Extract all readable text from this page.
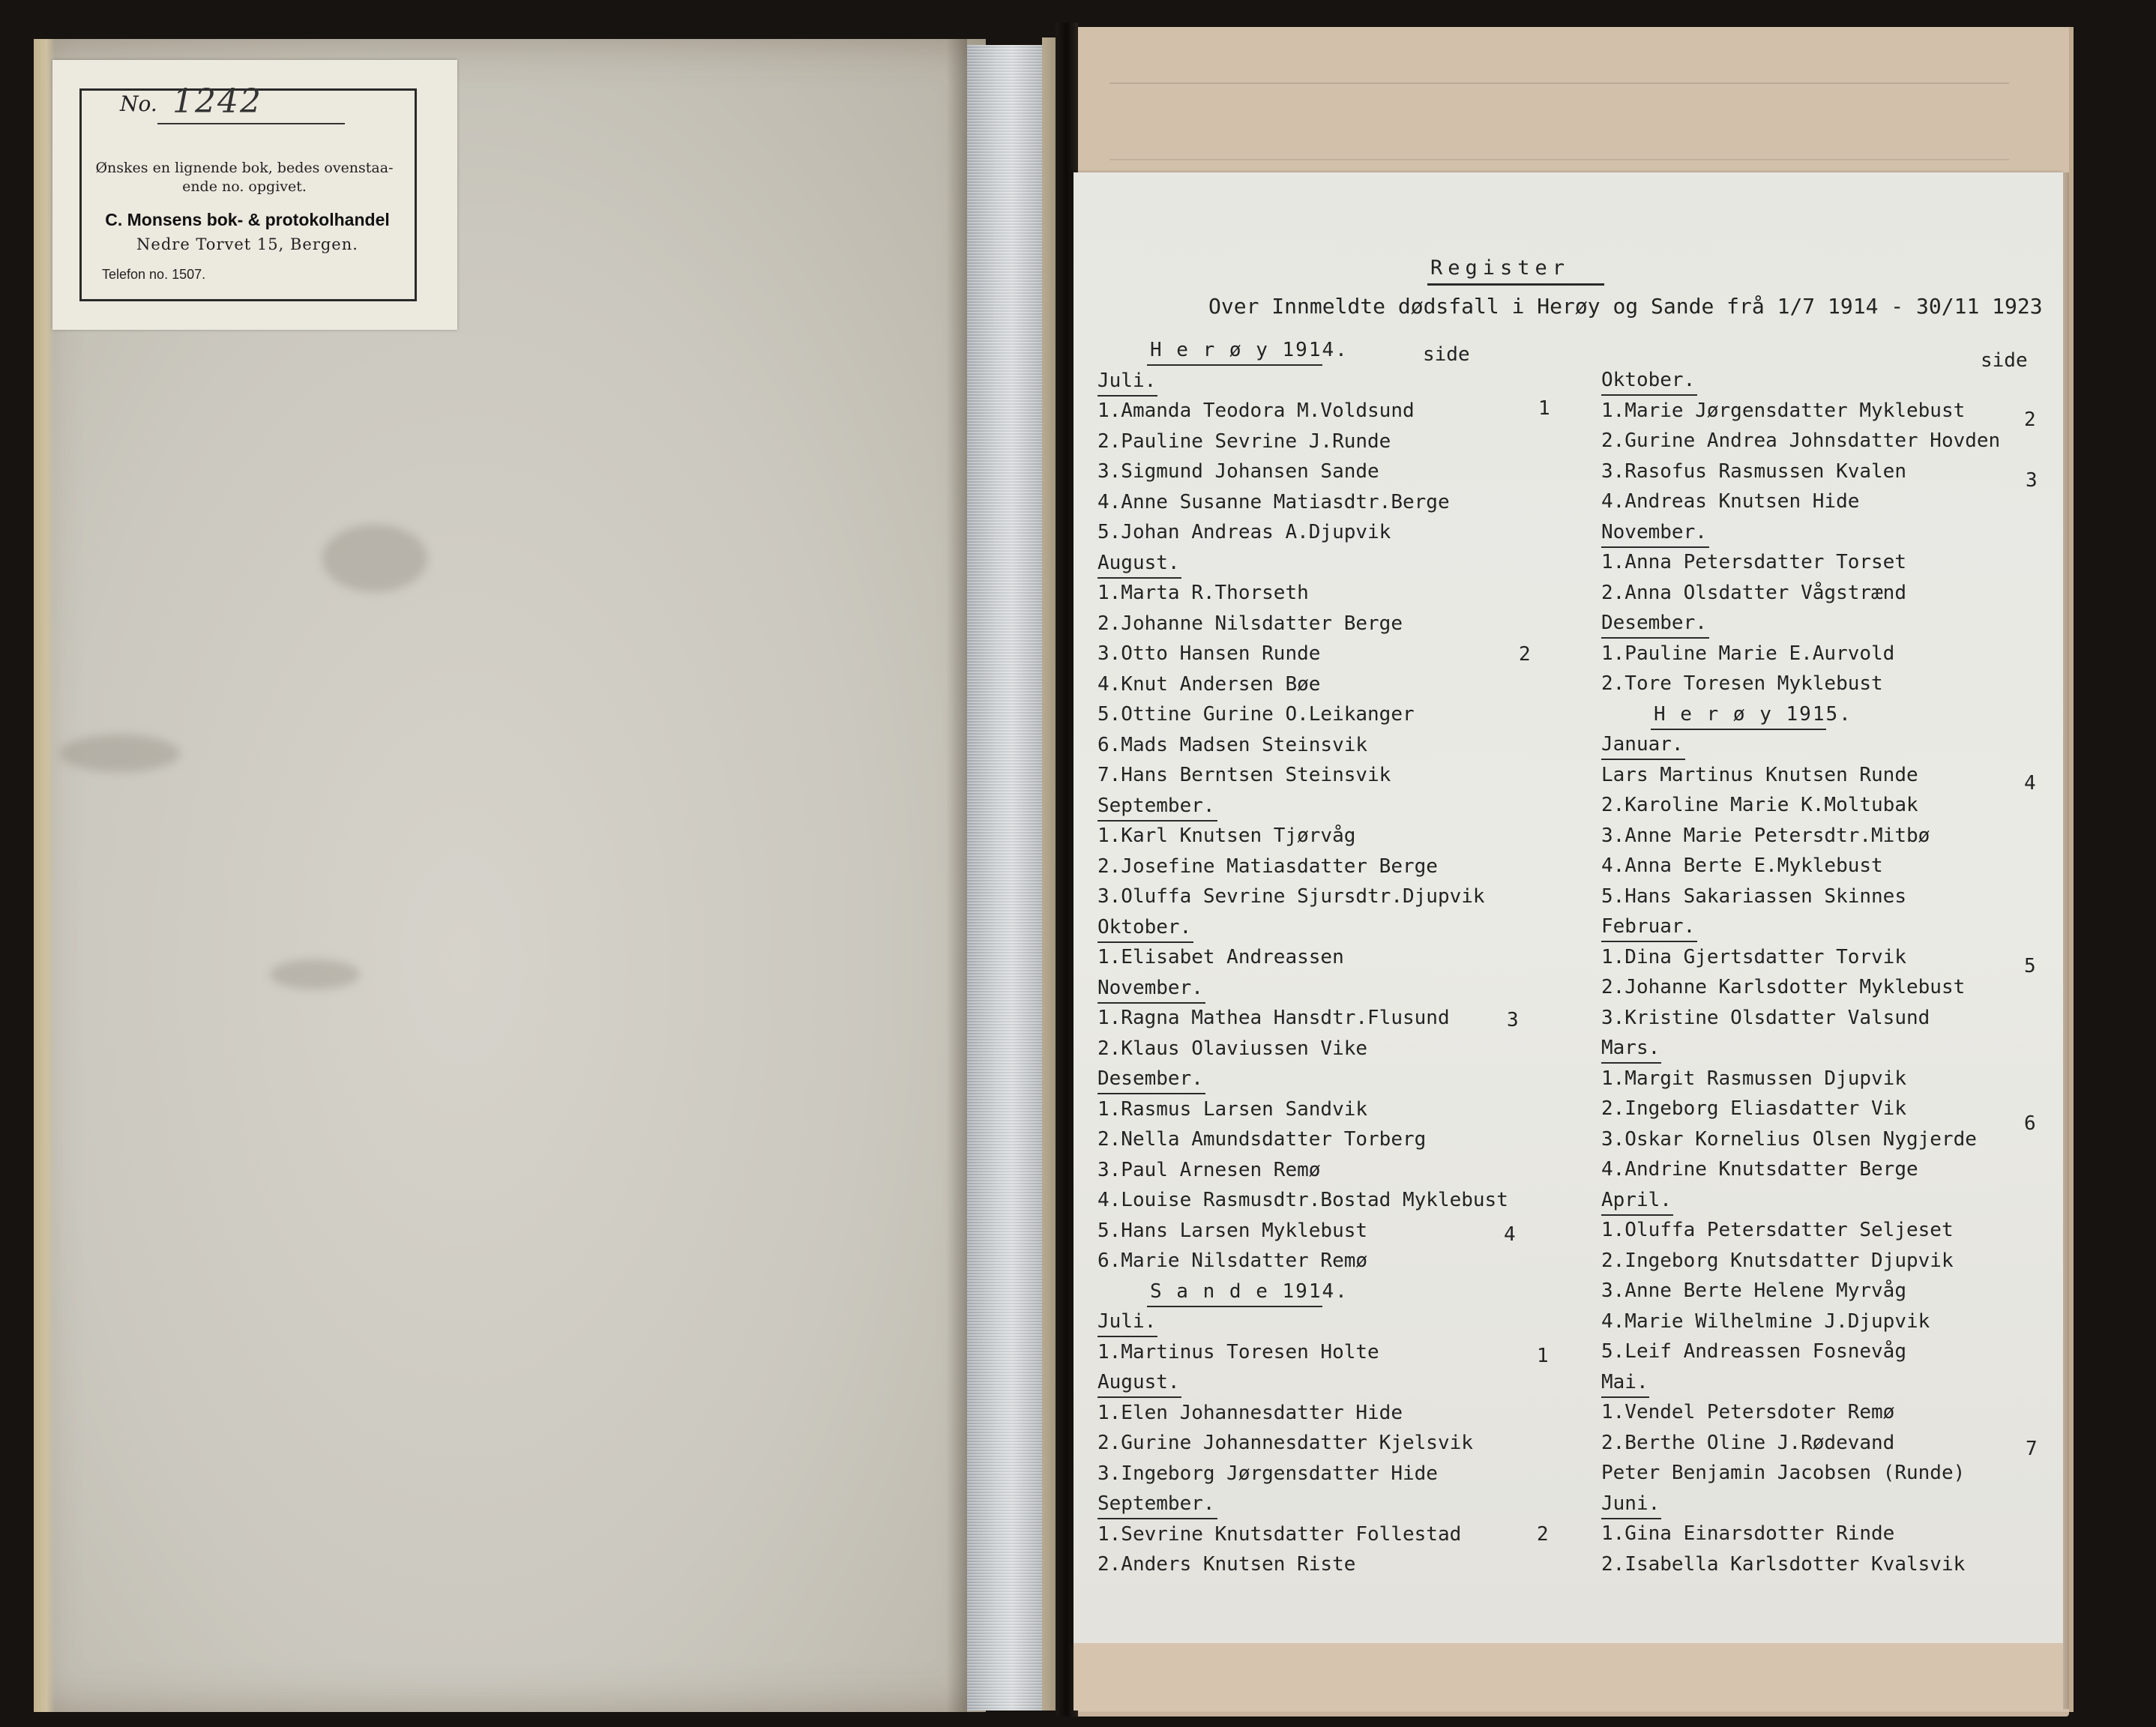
No. 1242
Ønskes en lignende bok, bedes ovenstaa-
ende no. opgivet.
C. Monsens bok- & protokolhandel
Nedre Torvet 15, Bergen.
Telefon no. 1507.	Register
Over Innmeldte dødsfall i Herøy og Sande frå 1/7 1914 - 30/11 1923
side	side
H e r ø y 1914.
Juli.
1.Amanda Teodora M.Voldsund
2.Pauline Sevrine J.Runde
3.Sigmund Johansen Sande
4.Anne Susanne Matiasdtr.Berge
5.Johan Andreas A.Djupvik
August.
1.Marta R.Thorseth
2.Johanne Nilsdatter Berge
3.Otto Hansen Runde
4.Knut Andersen Bøe
5.Ottine Gurine O.Leikanger
6.Mads Madsen Steinsvik
7.Hans Berntsen Steinsvik
September.
1.Karl Knutsen Tjørvåg
2.Josefine Matiasdatter Berge
3.Oluffa Sevrine Sjursdtr.Djupvik
Oktober.
1.Elisabet Andreassen
November.
1.Ragna Mathea Hansdtr.Flusund
2.Klaus Olaviussen Vike
Desember.
1.Rasmus Larsen Sandvik
2.Nella Amundsdatter Torberg
3.Paul Arnesen Remø
4.Louise Rasmusdtr.Bostad Myklebust
5.Hans Larsen Myklebust
6.Marie Nilsdatter Remø
S a n d e 1914.
Juli.
1.Martinus Toresen Holte
August.
1.Elen Johannesdatter Hide
2.Gurine Johannesdatter Kjelsvik
3.Ingeborg Jørgensdatter Hide
September.
1.Sevrine Knutsdatter Follestad
2.Anders Knutsen Riste
Oktober.
1.Marie Jørgensdatter Myklebust
2.Gurine Andrea Johnsdatter Hovden
3.Rasofus Rasmussen Kvalen
4.Andreas Knutsen Hide
November.
1.Anna Petersdatter Torset
2.Anna Olsdatter Vågstrænd
Desember.
1.Pauline Marie E.Aurvold
2.Tore Toresen Myklebust
H e r ø y 1915.
Januar.
Lars Martinus Knutsen Runde
2.Karoline Marie K.Moltubak
3.Anne Marie Petersdtr.Mitbø
4.Anna Berte E.Myklebust
5.Hans Sakariassen Skinnes
Februar.
1.Dina Gjertsdatter Torvik
2.Johanne Karlsdotter Myklebust
3.Kristine Olsdatter Valsund
Mars.
1.Margit Rasmussen Djupvik
2.Ingeborg Eliasdatter Vik
3.Oskar Kornelius Olsen Nygjerde
4.Andrine Knutsdatter Berge
April.
1.Oluffa Petersdatter Seljeset
2.Ingeborg Knutsdatter Djupvik
3.Anne Berte Helene Myrvåg
4.Marie Wilhelmine J.Djupvik
5.Leif Andreassen Fosnevåg
Mai.
1.Vendel Petersdoter Remø
2.Berthe Oline J.Rødevand
Peter Benjamin Jacobsen (Runde)
Juni.
1.Gina Einarsdotter Rinde
2.Isabella Karlsdotter Kvalsvik
1
2
3
4
1
2
2
3
4
5
6
7
